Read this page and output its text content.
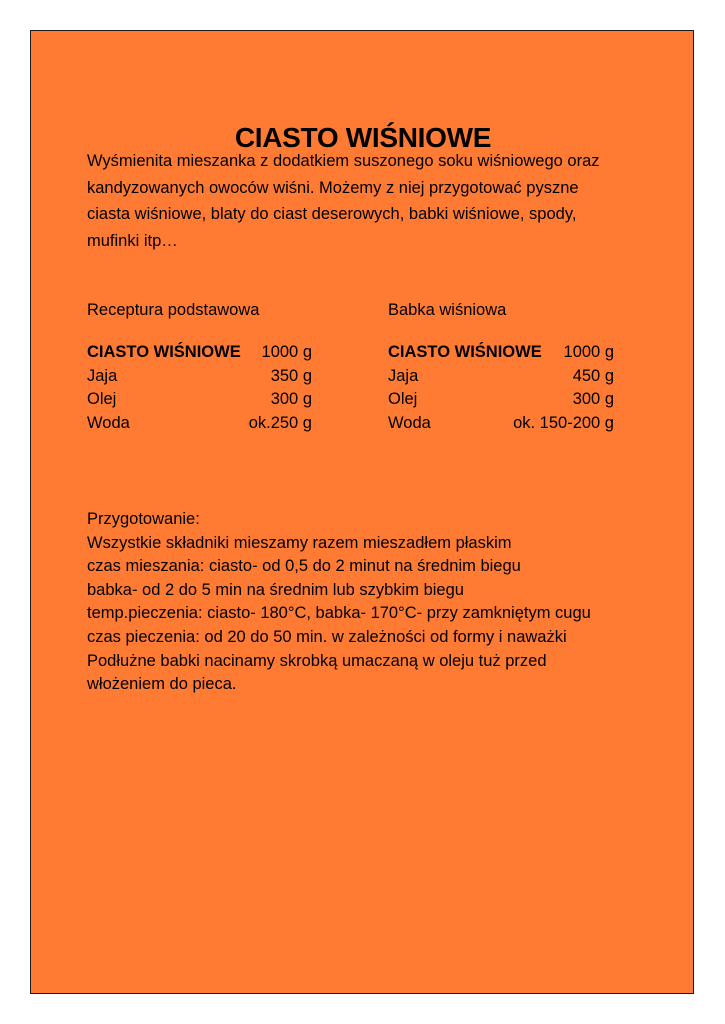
CIASTO WIŚNIOWE
Wyśmienita mieszanka z dodatkiem suszonego soku wiśniowego oraz
kandyzowanych owoców wiśni. Możemy z niej przygotować pyszne
ciasta wiśniowe, blaty do ciast deserowych, babki wiśniowe, spody,
mufinki itp…
Receptura podstawowa	Babka wiśniowa
CIASTO WIŚNIOWE 1000 g
Jaja	350 g
Olej	300 g
Woda	ok.250 g
CIASTO WIŚNIOWE 1000 g
Jaja	450 g
Olej	300 g
Woda	ok. 150-200 g
Przygotowanie:
Wszystkie składniki mieszamy razem mieszadłem płaskim
czas mieszania: ciasto- od 0,5 do 2 minut na średnim biegu
babka- od 2 do 5 min na średnim lub szybkim biegu
temp.pieczenia: ciasto- 180°C, babka- 170°C- przy zamkniętym cugu
czas pieczenia: od 20 do 50 min. w zależności od formy i naważki
Podłużne babki nacinamy skrobką umaczaną w oleju tuż przed
włożeniem do pieca.
